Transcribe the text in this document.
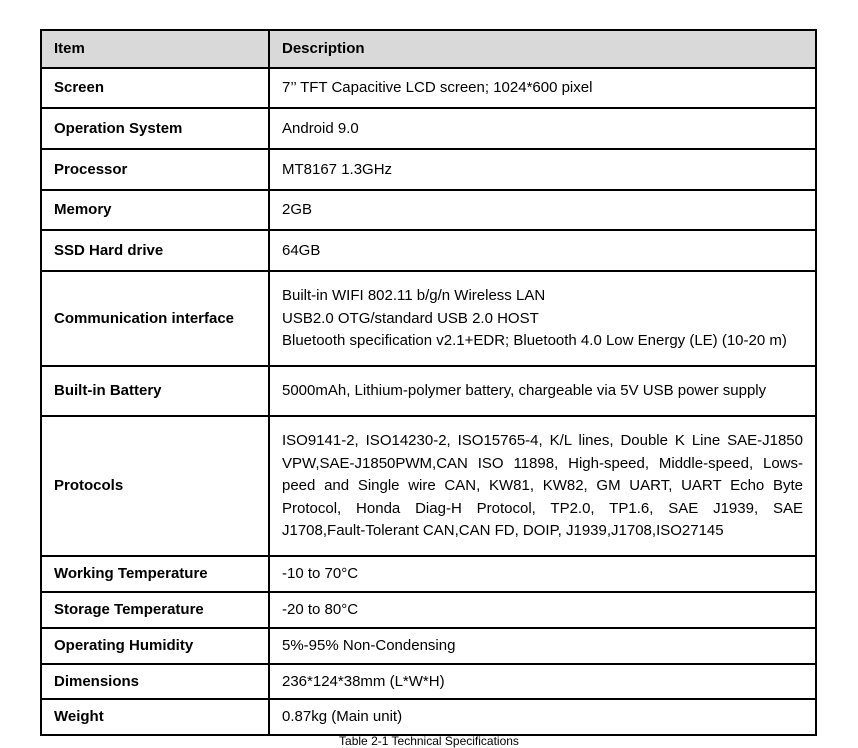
Item	Description
Screen	7’’ TFT Capacitive LCD screen; 1024*600 pixel

Operation System	Android 9.0

Processor	MT8167 1.3GHz

Memory	2GB

SSD Hard drive	64GB

Communication interface	Built-in WIFI 802.11 b/g/n Wireless LAN
USB2.0 OTG/standard USB 2.0 HOST
Bluetooth specification v2.1+EDR; Bluetooth 4.0 Low Energy (LE) (10-20 m)

Built-in Battery	5000mAh, Lithium-polymer battery, chargeable via 5V USB power supply

Protocols	ISO9141-2, ISO14230-2, ISO15765-4, K/L lines, Double K Line SAE-J1850 VPW,SAE-J1850PWM,CAN ISO 11898, High-speed, Middle-speed, Lows-peed and Single wire CAN, KW81, KW82, GM UART, UART Echo Byte Protocol, Honda Diag-H Protocol, TP2.0, TP1.6, SAE J1939, SAE J1708,Fault-Tolerant CAN,CAN FD, DOIP, J1939,J1708,ISO27145

Working Temperature	-10 to 70°C

Storage Temperature	-20 to 80°C

Operating Humidity	5%-95% Non-Condensing

Dimensions	236*124*38mm (L*W*H)

Weight	0.87kg (Main unit)
Table 2-1 Technical Specifications
